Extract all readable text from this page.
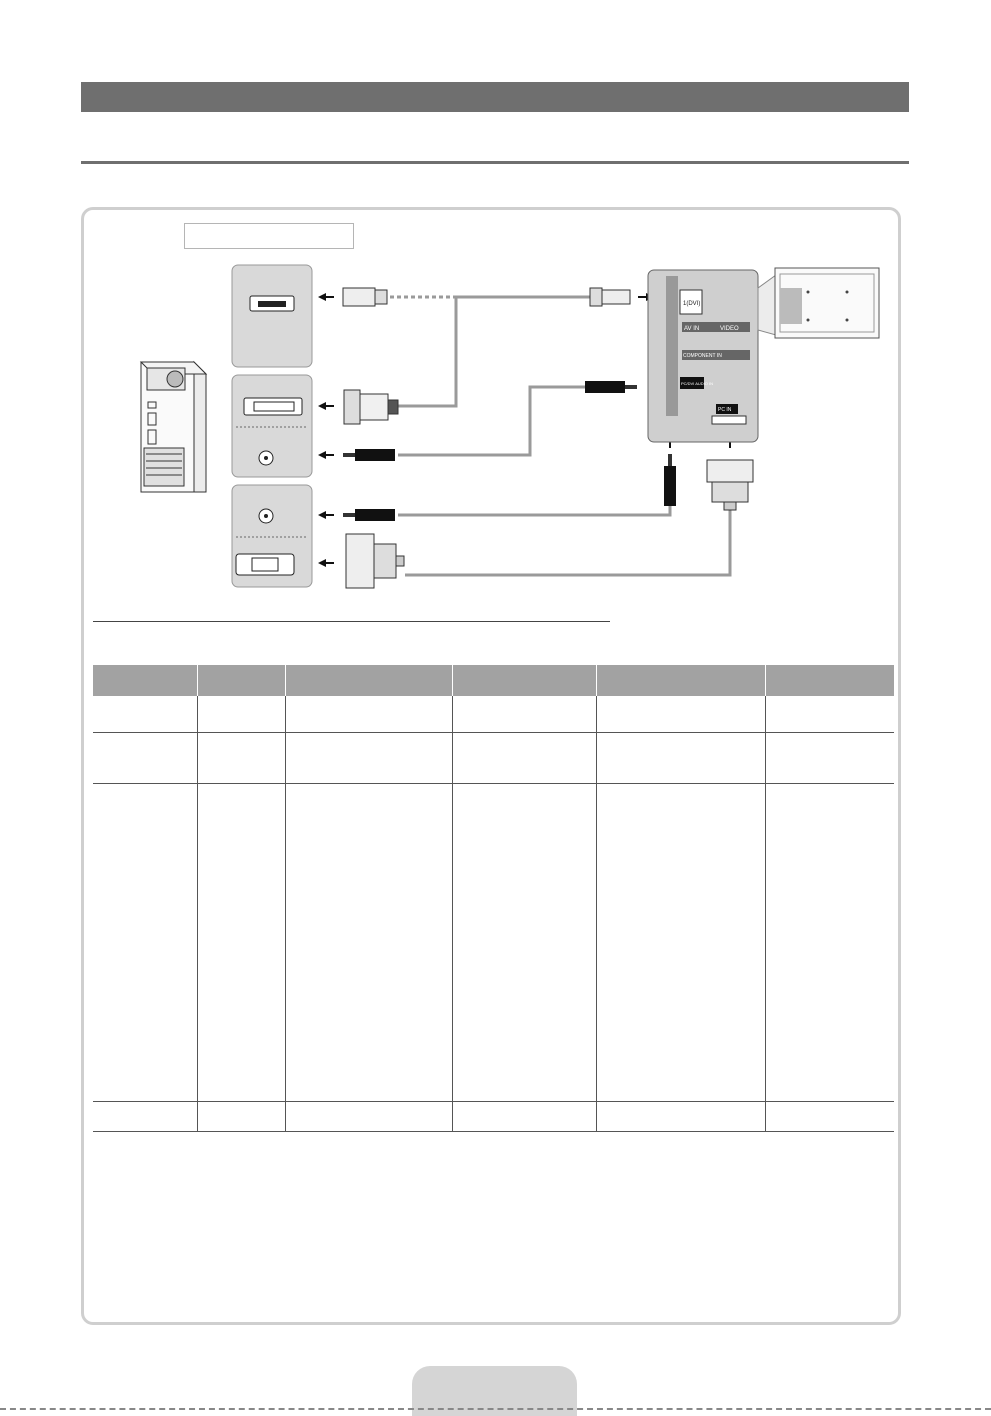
1(DVI)
AV IN	VIDEO
COMPONENT IN
PC/DVI AUDIO IN
PC IN
